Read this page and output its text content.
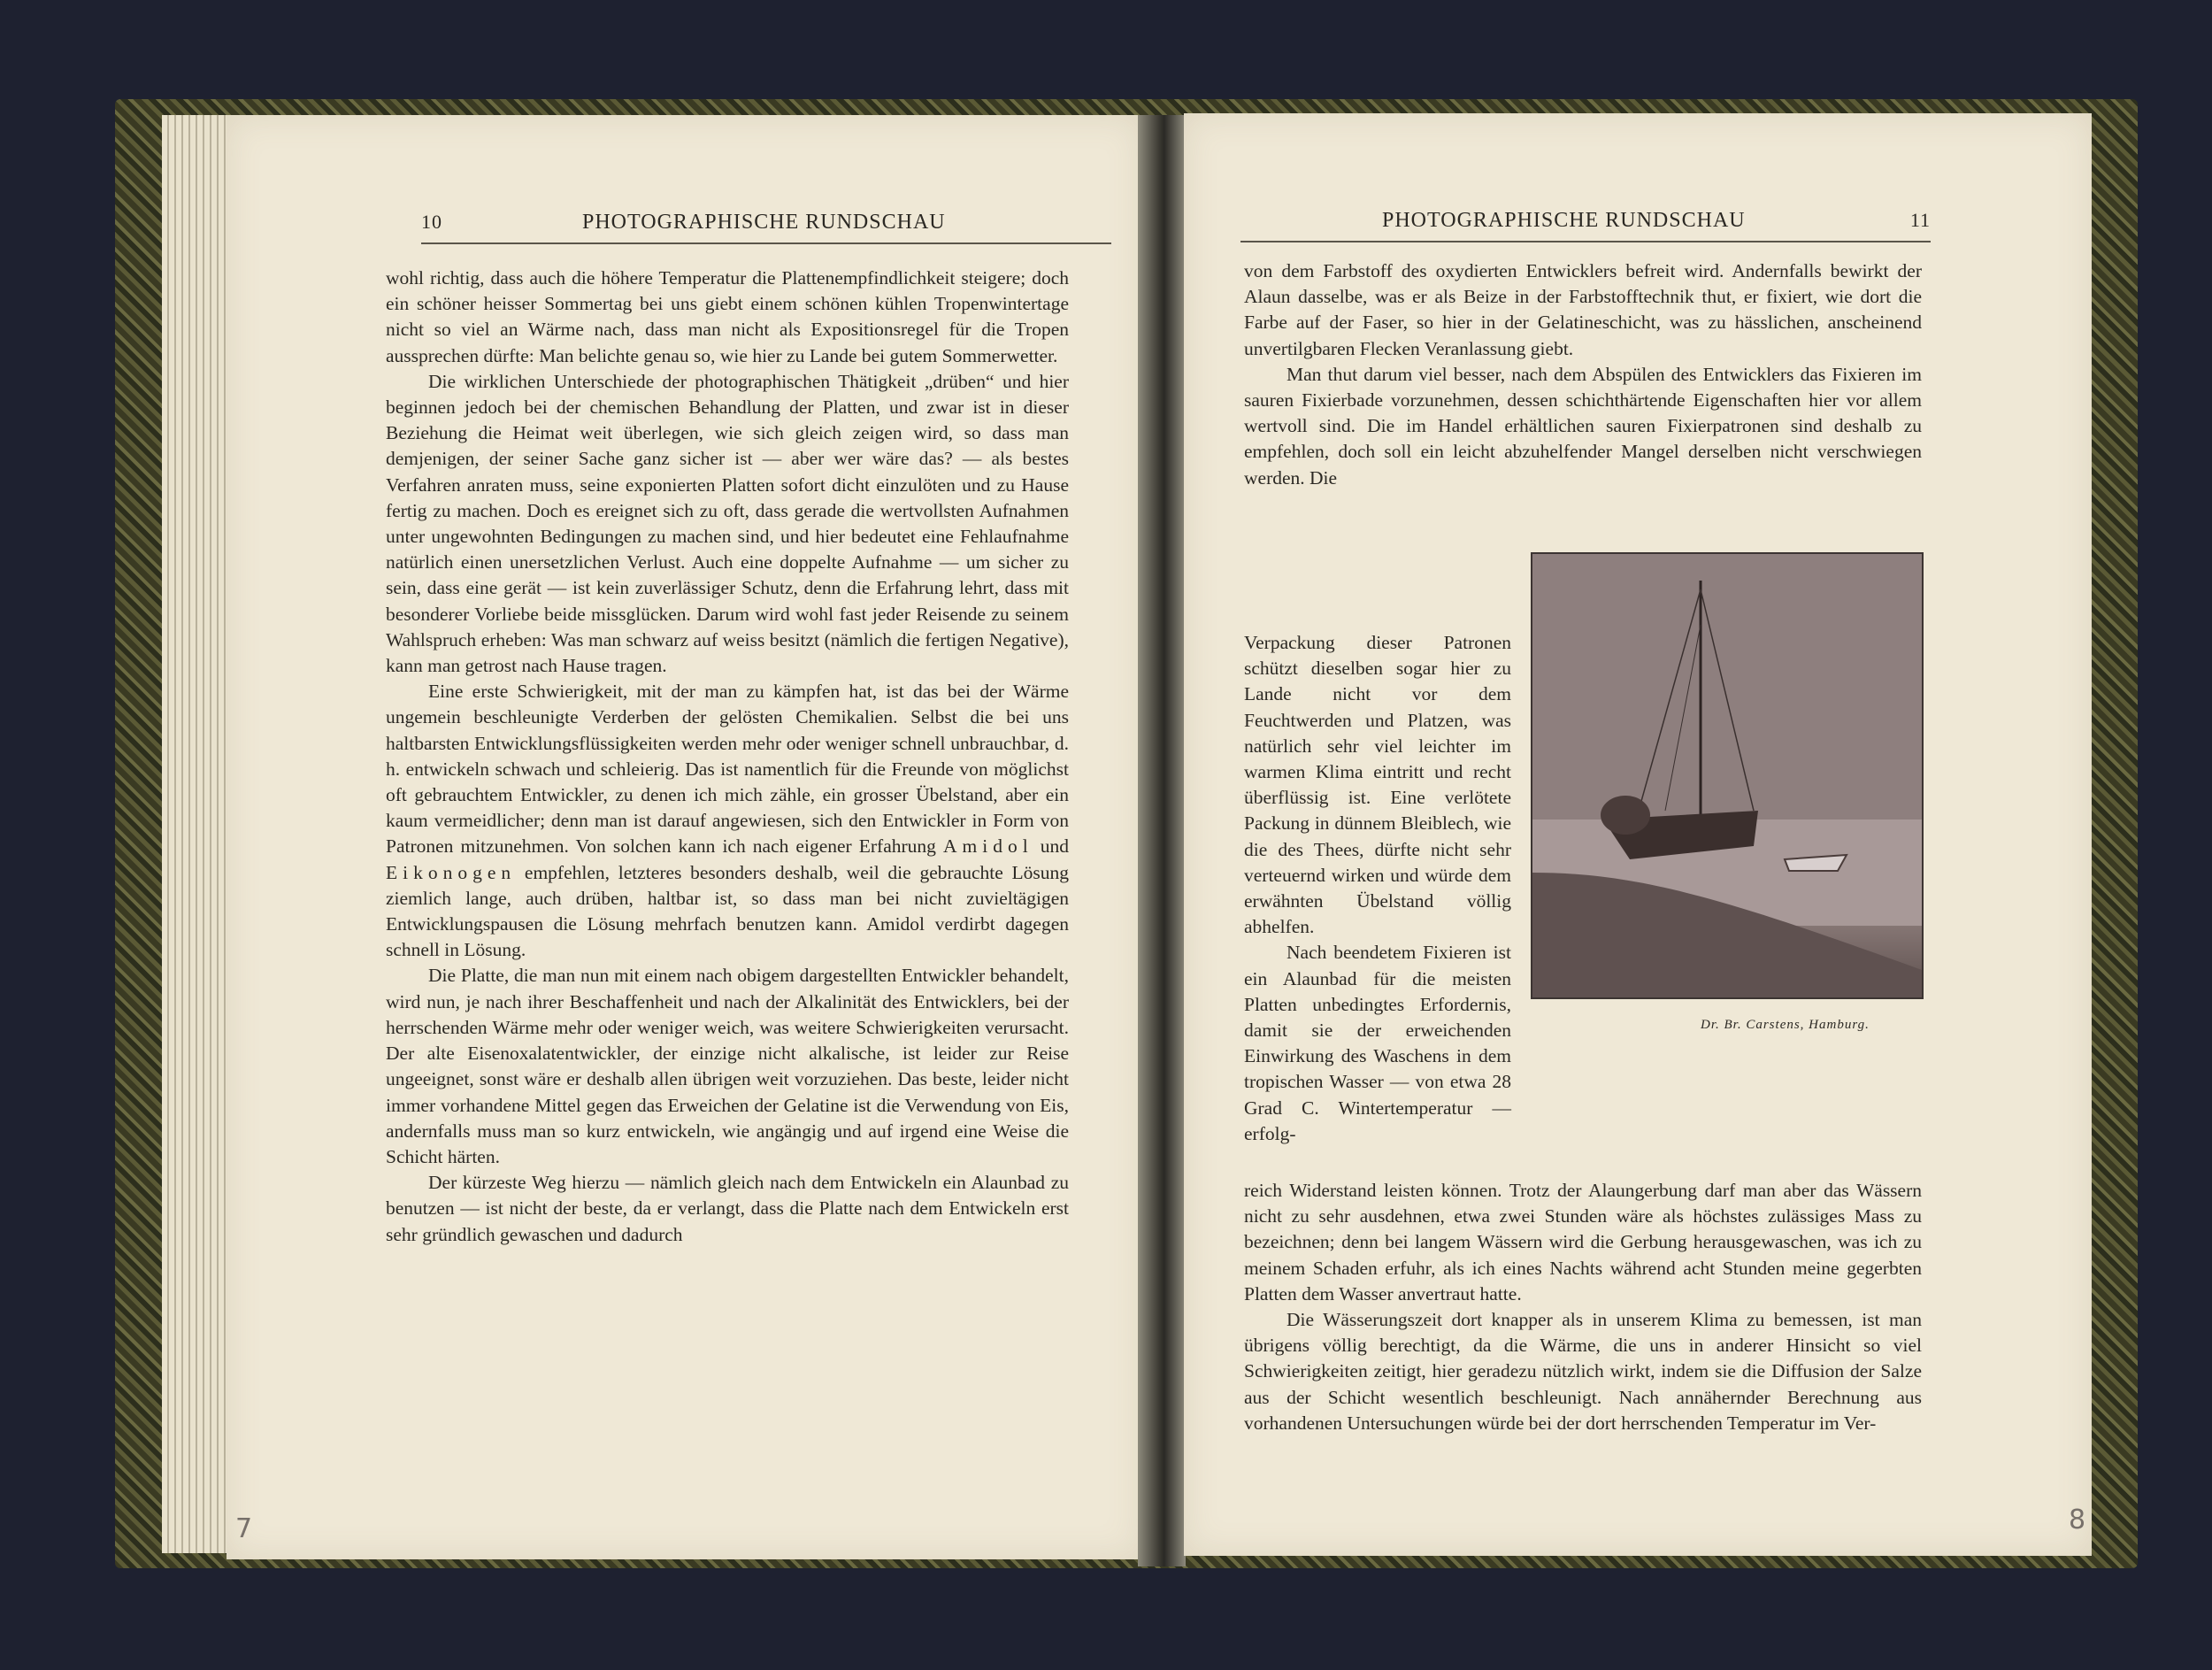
10	PHOTOGRAPHISCHE RUNDSCHAU

wohl richtig, dass auch die höhere Temperatur die Plattenempfindlichkeit steigere; doch ein schöner heisser Sommertag bei uns giebt einem schönen kühlen Tropenwintertage nicht so viel an Wärme nach, dass man nicht als Expositionsregel für die Tropen aussprechen dürfte: Man belichte genau so, wie hier zu Lande bei gutem Sommerwetter.

Die wirklichen Unterschiede der photographischen Thätigkeit „drüben“ und hier beginnen jedoch bei der chemischen Behandlung der Platten, und zwar ist in dieser Beziehung die Heimat weit überlegen, wie sich gleich zeigen wird, so dass man demjenigen, der seiner Sache ganz sicher ist — aber wer wäre das? — als bestes Verfahren anraten muss, seine exponierten Platten sofort dicht einzulöten und zu Hause fertig zu machen. Doch es ereignet sich zu oft, dass gerade die wertvollsten Aufnahmen unter ungewohnten Bedingungen zu machen sind, und hier bedeutet eine Fehlaufnahme natürlich einen unersetzlichen Verlust. Auch eine doppelte Aufnahme — um sicher zu sein, dass eine gerät — ist kein zuverlässiger Schutz, denn die Erfahrung lehrt, dass mit besonderer Vorliebe beide missglücken. Darum wird wohl fast jeder Reisende zu seinem Wahlspruch erheben: Was man schwarz auf weiss besitzt (nämlich die fertigen Negative), kann man getrost nach Hause tragen.

Eine erste Schwierigkeit, mit der man zu kämpfen hat, ist das bei der Wärme ungemein beschleunigte Verderben der gelösten Chemikalien. Selbst die bei uns haltbarsten Entwicklungsflüssigkeiten werden mehr oder weniger schnell unbrauchbar, d. h. entwickeln schwach und schleierig. Das ist namentlich für die Freunde von möglichst oft gebrauchtem Entwickler, zu denen ich mich zähle, ein grosser Übelstand, aber ein kaum vermeidlicher; denn man ist darauf angewiesen, sich den Entwickler in Form von Patronen mitzunehmen. Von solchen kann ich nach eigener Erfahrung Amidol und Eikonogen empfehlen, letzteres besonders deshalb, weil die gebrauchte Lösung ziemlich lange, auch drüben, haltbar ist, so dass man bei nicht zuvieltägigen Entwicklungspausen die Lösung mehrfach benutzen kann. Amidol verdirbt dagegen schnell in Lösung.

Die Platte, die man nun mit einem nach obigem dargestellten Entwickler behandelt, wird nun, je nach ihrer Beschaffenheit und nach der Alkalinität des Entwicklers, bei der herrschenden Wärme mehr oder weniger weich, was weitere Schwierigkeiten verursacht. Der alte Eisenoxalatentwickler, der einzige nicht alkalische, ist leider zur Reise ungeeignet, sonst wäre er deshalb allen übrigen weit vorzuziehen. Das beste, leider nicht immer vorhandene Mittel gegen das Erweichen der Gelatine ist die Verwendung von Eis, andernfalls muss man so kurz entwickeln, wie angängig und auf irgend eine Weise die Schicht härten.

Der kürzeste Weg hierzu — nämlich gleich nach dem Entwickeln ein Alaunbad zu benutzen — ist nicht der beste, da er verlangt, dass die Platte nach dem Entwickeln erst sehr gründlich gewaschen und dadurch

7
PHOTOGRAPHISCHE RUNDSCHAU	11

von dem Farbstoff des oxydierten Entwicklers befreit wird. Andernfalls bewirkt der Alaun dasselbe, was er als Beize in der Farbstofftechnik thut, er fixiert, wie dort die Farbe auf der Faser, so hier in der Gelatineschicht, was zu hässlichen, anscheinend unvertilgbaren Flecken Veranlassung giebt.

Man thut darum viel besser, nach dem Abspülen des Entwicklers das Fixieren im sauren Fixierbade vorzunehmen, dessen schichthärtende Eigenschaften hier vor allem wertvoll sind. Die im Handel erhältlichen sauren Fixierpatronen sind deshalb zu empfehlen, doch soll ein leicht abzuhelfender Mangel derselben nicht verschwiegen werden. Die

Verpackung dieser Patronen schützt dieselben sogar hier zu Lande nicht vor dem Feuchtwerden und Platzen, was natürlich sehr viel leichter im warmen Klima eintritt und recht überflüssig ist. Eine verlötete Packung in dünnem Bleiblech, wie die des Thees, dürfte nicht sehr verteuernd wirken und würde dem erwähnten Übelstand völlig abhelfen.

Nach beendetem Fixieren ist ein Alaunbad für die meisten Platten unbedingtes Erfordernis, damit sie der erweichenden Einwirkung des Waschens in dem tropischen Wasser — von etwa 28 Grad C. Wintertemperatur — erfolg-

Dr. Br. Carstens, Hamburg.

reich Widerstand leisten können. Trotz der Alaungerbung darf man aber das Wässern nicht zu sehr ausdehnen, etwa zwei Stunden wäre als höchstes zulässiges Mass zu bezeichnen; denn bei langem Wässern wird die Gerbung herausgewaschen, was ich zu meinem Schaden erfuhr, als ich eines Nachts während acht Stunden meine gegerbten Platten dem Wasser anvertraut hatte.

Die Wässerungszeit dort knapper als in unserem Klima zu bemessen, ist man übrigens völlig berechtigt, da die Wärme, die uns in anderer Hinsicht so viel Schwierigkeiten zeitigt, hier geradezu nützlich wirkt, indem sie die Diffusion der Salze aus der Schicht wesentlich beschleunigt. Nach annähernder Berechnung aus vorhandenen Untersuchungen würde bei der dort herrschenden Temperatur im Ver-

8
